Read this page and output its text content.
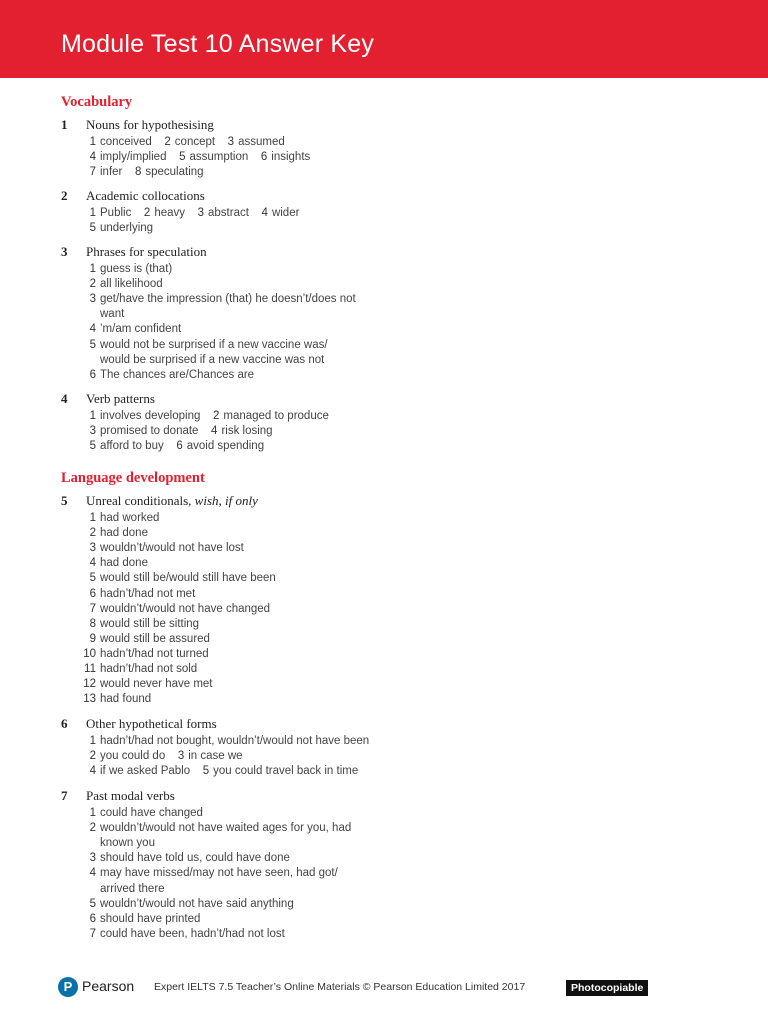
Module Test 10 Answer Key
Vocabulary
1 Nouns for hypothesising
1 conceived 2 concept 3 assumed
4 imply/implied 5 assumption 6 insights
7 infer 8 speculating
2 Academic collocations
1 Public 2 heavy 3 abstract 4 wider
5 underlying
3 Phrases for speculation
1 guess is (that)
2 all likelihood
3 get/have the impression (that) he doesn’t/does not
want
4 ’m/am confident
5 would not be surprised if a new vaccine was/
would be surprised if a new vaccine was not
6 The chances are/Chances are
4 Verb patterns
1 involves developing 2 managed to produce
3 promised to donate 4 risk losing
5 afford to buy 6 avoid spending
Language development
5 Unreal conditionals, wish, if only
1 had worked
2 had done
3 wouldn’t/would not have lost
4 had done
5 would still be/would still have been
6 hadn’t/had not met
7 wouldn’t/would not have changed
8 would still be sitting
9 would still be assured
10 hadn’t/had not turned
11 hadn’t/had not sold
12 would never have met
13 had found
6 Other hypothetical forms
1 hadn’t/had not bought, wouldn’t/would not have been
2 you could do 3 in case we
4 if we asked Pablo 5 you could travel back in time
7 Past modal verbs
1 could have changed
2 wouldn’t/would not have waited ages for you, had
known you
3 should have told us, could have done
4 may have missed/may not have seen, had got/
arrived there
5 wouldn’t/would not have said anything
6 should have printed
7 could have been, hadn’t/had not lost
P Pearson Expert IELTS 7.5 Teacher’s Online Materials © Pearson Education Limited 2017	Photocopiable
